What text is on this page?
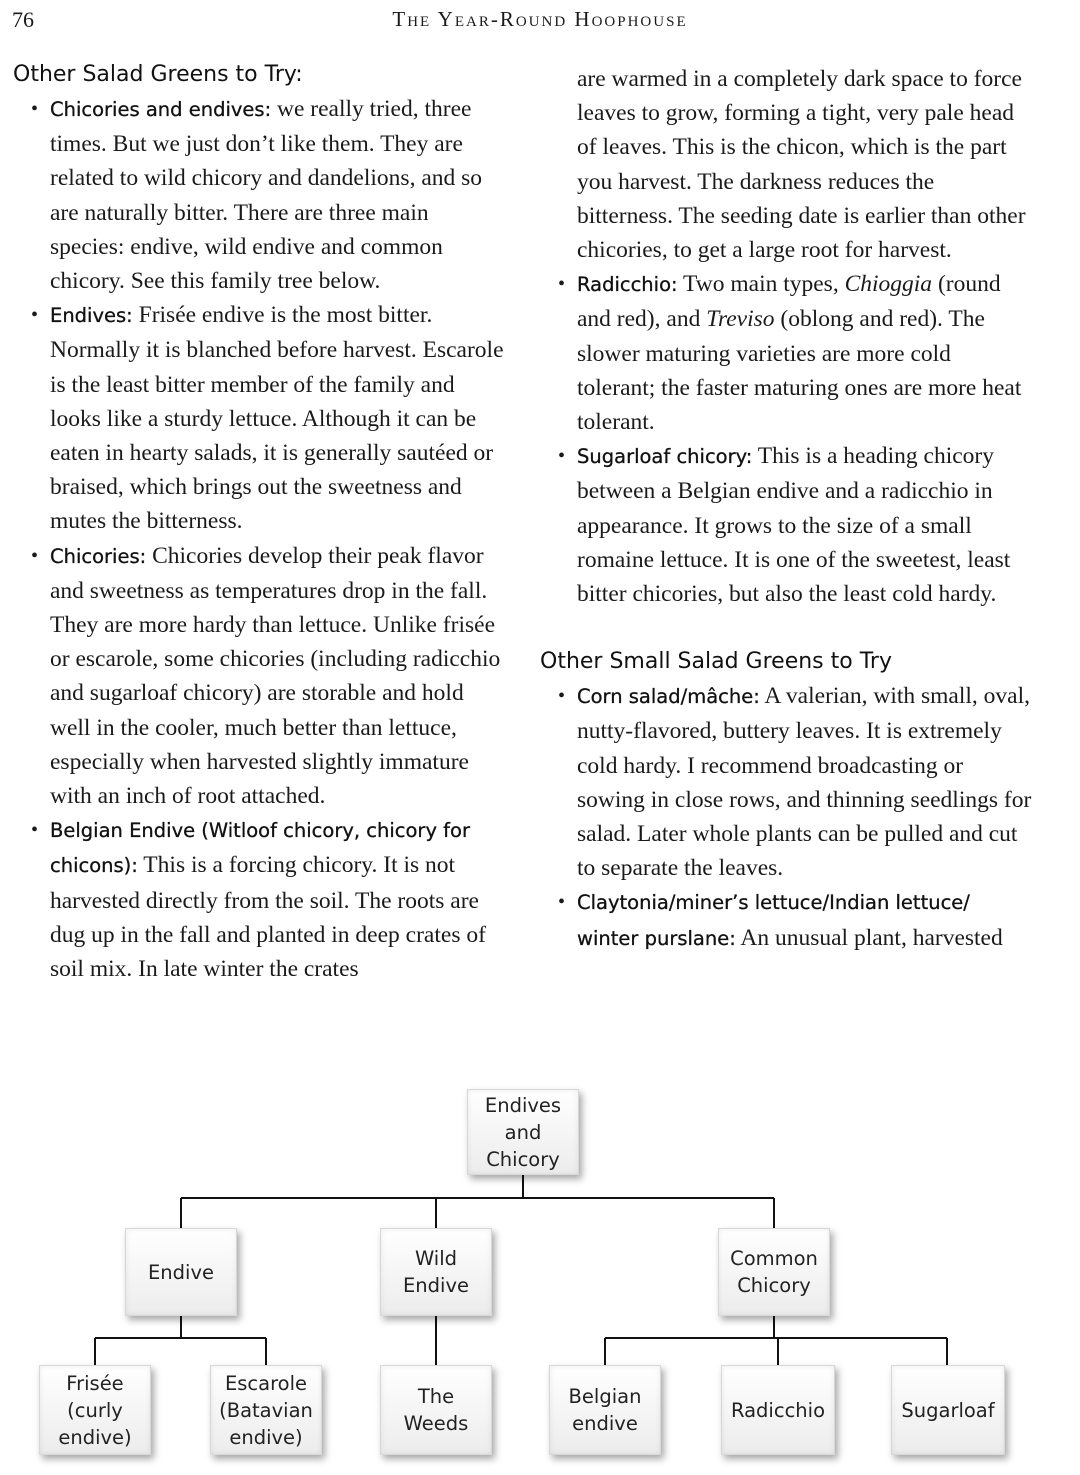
76	The Year-Round Hoophouse
Other Salad Greens to Try:
• Chicories and endives: we really tried, three times. But we just don’t like them. They are related to wild chicory and dandelions, and so are naturally bitter. There are three main species: endive, wild endive and common chicory. See this family tree below.
• Endives: Frisée endive is the most bitter. Normally it is blanched before harvest. Escarole is the least bitter member of the family and looks like a sturdy lettuce. Although it can be eaten in hearty salads, it is generally sautéed or braised, which brings out the sweetness and mutes the bitterness.
• Chicories: Chicories develop their peak flavor and sweetness as temperatures drop in the fall. They are more hardy than lettuce. Unlike frisée or escarole, some chicories (including radicchio and sugarloaf chicory) are storable and hold well in the cooler, much better than lettuce, especially when harvested slightly immature with an inch of root attached.
• Belgian Endive (Witloof chicory, chicory for chicons): This is a forcing chicory. It is not harvested directly from the soil. The roots are dug up in the fall and planted in deep crates of soil mix. In late winter the crates
are warmed in a completely dark space to force leaves to grow, forming a tight, very pale head of leaves. This is the chicon, which is the part you harvest. The darkness reduces the bitterness. The seeding date is earlier than other chicories, to get a large root for harvest.
• Radicchio: Two main types, Chioggia (round and red), and Treviso (oblong and red). The slower maturing varieties are more cold tolerant; the faster maturing ones are more heat tolerant.
• Sugarloaf chicory: This is a heading chicory between a Belgian endive and a radicchio in appearance. It grows to the size of a small romaine lettuce. It is one of the sweetest, least bitter chicories, but also the least cold hardy.
Other Small Salad Greens to Try
• Corn salad/mâche: A valerian, with small, oval, nutty-flavored, buttery leaves. It is extremely cold hardy. I recommend broadcasting or sowing in close rows, and thinning seedlings for salad. Later whole plants can be pulled and cut to separate the leaves.
• Claytonia/miner’s lettuce/Indian lettuce/ winter purslane: An unusual plant, harvested
Endives
and
Chicory
Endive
Wild
Endive
Common
Chicory
Frisée
(curly
endive)
Escarole
(Batavian
endive)
The
Weeds
Belgian
endive
Radicchio	Sugarloaf
